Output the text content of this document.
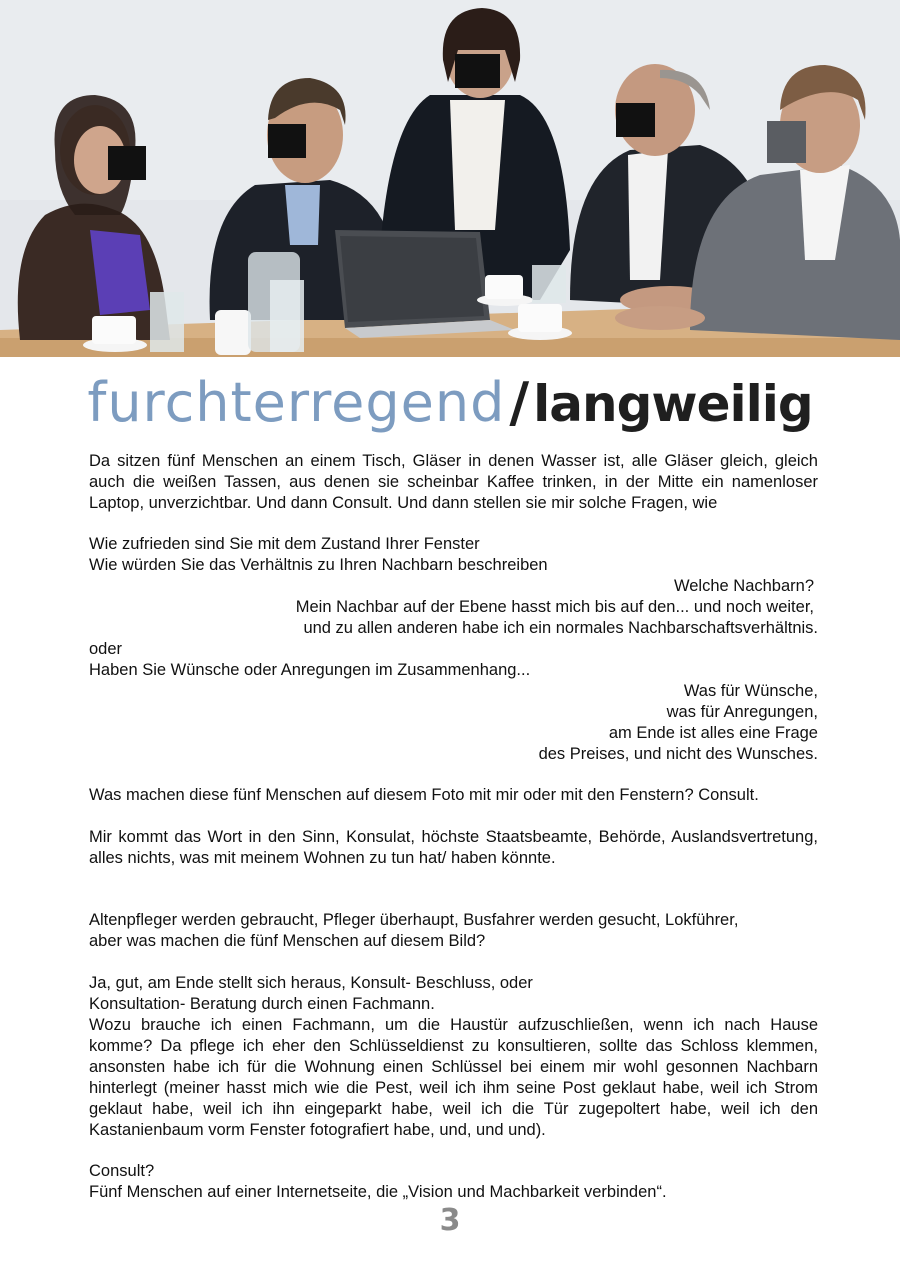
furchterregend/langweilig
Da sitzen fünf Menschen an einem Tisch, Gläser in denen Wasser ist, alle Gläser gleich, gleich auch die weißen Tassen, aus denen sie scheinbar Kaffee trinken, in der Mitte ein namenloser Laptop, unverzichtbar. Und dann Consult. Und dann stellen sie mir solche Fragen, wie
Wie zufrieden sind Sie mit dem Zustand Ihrer Fenster
Wie würden Sie das Verhältnis zu Ihren Nachbarn beschreiben
Welche Nachbarn?
Mein Nachbar auf der Ebene hasst mich bis auf den... und noch weiter,
und zu allen anderen habe ich ein normales Nachbarschaftsverhältnis.
oder
Haben Sie Wünsche oder Anregungen im Zusammenhang...
Was für Wünsche,
was für Anregungen,
am Ende ist alles eine Frage
des Preises, und nicht des Wunsches.
Was machen diese fünf Menschen auf diesem Foto mit mir oder mit den Fenstern? Consult.
Mir kommt das Wort in den Sinn, Konsulat, höchste Staatsbeamte, Behörde, Auslandsvertretung, alles nichts, was mit meinem Wohnen zu tun hat/ haben könnte.
Altenpfleger werden gebraucht, Pfleger überhaupt, Busfahrer werden gesucht, Lokführer,
aber was machen die fünf Menschen auf diesem Bild?
Ja, gut, am Ende stellt sich heraus, Konsult- Beschluss, oder
Konsultation- Beratung durch einen Fachmann.
Wozu brauche ich einen Fachmann, um die Haustür aufzuschließen, wenn ich nach Hause komme? Da pflege ich eher den Schlüsseldienst zu konsultieren, sollte das Schloss klemmen, ansonsten habe ich für die Wohnung einen Schlüssel bei einem mir wohl gesonnen Nachbarn hinterlegt (meiner hasst mich wie die Pest, weil ich ihm seine Post geklaut habe, weil ich Strom geklaut habe, weil ich ihn eingeparkt habe, weil ich die Tür zugepoltert habe, weil ich den Kastanienbaum vorm Fenster fotografiert habe, und, und und).
Consult?
Fünf Menschen auf einer Internetseite, die „Vision und Machbarkeit verbinden“.
3
